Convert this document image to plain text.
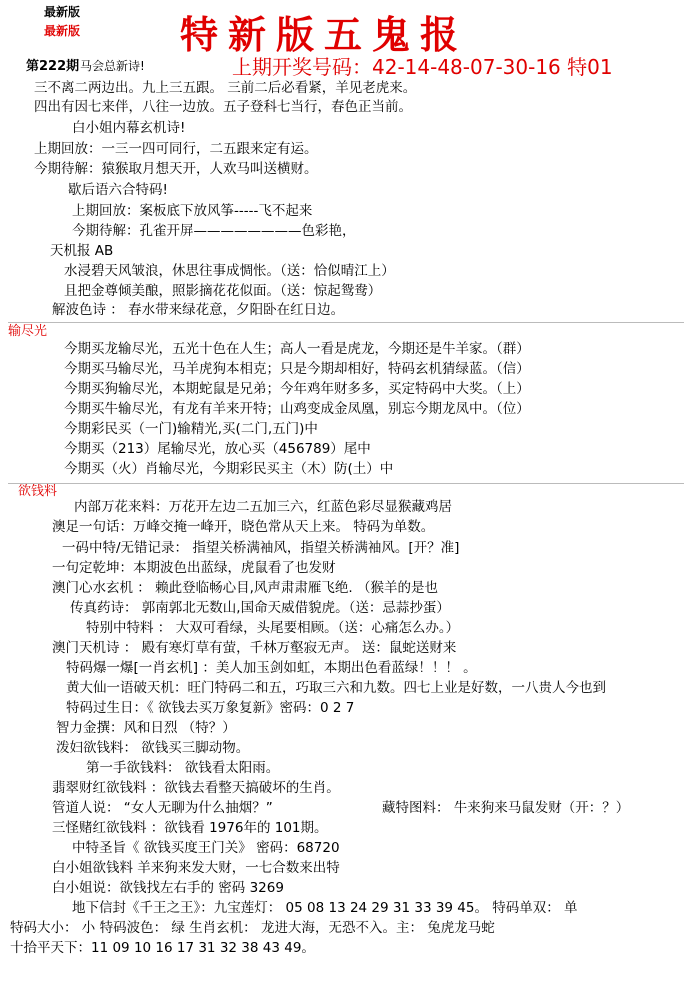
最新版
最新版	特新版五鬼报
第222期 马会总新诗!	上期开奖号码：42-14-48-07-30-16 特01
三不离二两边出。九上三五跟。 三前二后必看紧，羊见老虎来。
四出有因七来伴，八往一边放。五子登科七当行，春色正当前。
白小姐内幕玄机诗!
上期回放：一三一四可同行，二五跟来定有运。
今期待解：猿猴取月想天开，人欢马叫送横财。
歇后语六合特码!
上期回放：案板底下放风筝-----飞不起来
今期待解：孔雀开屏————————色彩艳，
天机报 AB
水浸碧天风皱浪，休思往事成惆怅。（送：恰似晴江上）
且把金尊倾美酿，照影摘花花似面。（送：惊起鸳鸯）
解波色诗 ： 春水带来绿花意，夕阳卧在红日边。
输尽光
今期买龙输尽光，五光十色在人生；高人一看是虎龙，今期还是牛羊家。（群）
今期买马输尽光，马羊虎狗本相克；只是今期却相好，特码玄机猜绿蓝。（信）
今期买狗输尽光，本期蛇鼠是兄弟；今年鸡年财多多，买定特码中大奖。（上）
今期买牛输尽光，有龙有羊来开特；山鸡变成金凤凰，别忘今期龙凤中。（位）
今期彩民买（一门)输精光,买(二门,五门)中
今期买（213）尾输尽光，放心买（456789）尾中
今期买（火）肖输尽光，今期彩民买主（木）防(土）中
欲钱料
内部万花来料：万花开左边二五加三六，红蓝色彩尽显猴藏鸡居
澳足一句话：万峰交掩一峰开，晓色常从天上来。 特码为单数。
一码中特/无错记录： 指望关桥满袖风，指望关桥满袖风。[开？准]
一句定乾坤：本期波色出蓝绿，虎鼠看了也发财
澳门心水玄机 ： 赖此登临畅心目,风声肃肃雁飞绝. （猴羊的是也
传真药诗： 郭南郭北无数山,国命天威借貌虎。（送：忌蒜抄蛋）
特别中特料 ： 大双可看绿，头尾要相顾。（送：心痛怎么办。）
澳门天机诗 ： 殿有寒灯草有萤，千林万壑寂无声。 送：鼠蛇送财来
特码爆一爆[一肖玄机] ：美人加玉剑如虹，本期出色看蓝绿！！！ 。
黄大仙一语破天机：旺门特码二和五，巧取三六和九数。四七上业是好数，一八贵人今也到
特码过生日：《 欲钱去买万象复新》密码：0 2 7
智力金撰：风和日烈 （特？）
泼妇欲钱料： 欲钱买三脚动物。
第一手欲钱料： 欲钱看太阳雨。
翡翠财红欲钱料 ：欲钱去看整天搞破坏的生肖。
管道人说： “女人无聊为什么抽烟？”	藏特图料： 牛来狗来马鼠发财（开：？）
三怪赌红欲钱料 ：欲钱看 1976年的 101期。
中特圣旨《 欲钱买度王门关》 密码：68720
白小姐欲钱料 羊来狗来发大财，一七合数来出特
白小姐说：欲钱找左右手的 密码 3269
地下信封《千王之王》：九宝莲灯： 05 08 13 24 29 31 33 39 45。 特码单双： 单
特码大小： 小 特码波色： 绿 生肖玄机： 龙进大海，无恐不入。主： 兔虎龙马蛇
十拾平天下：11 09 10 16 17 31 32 38 43 49。
